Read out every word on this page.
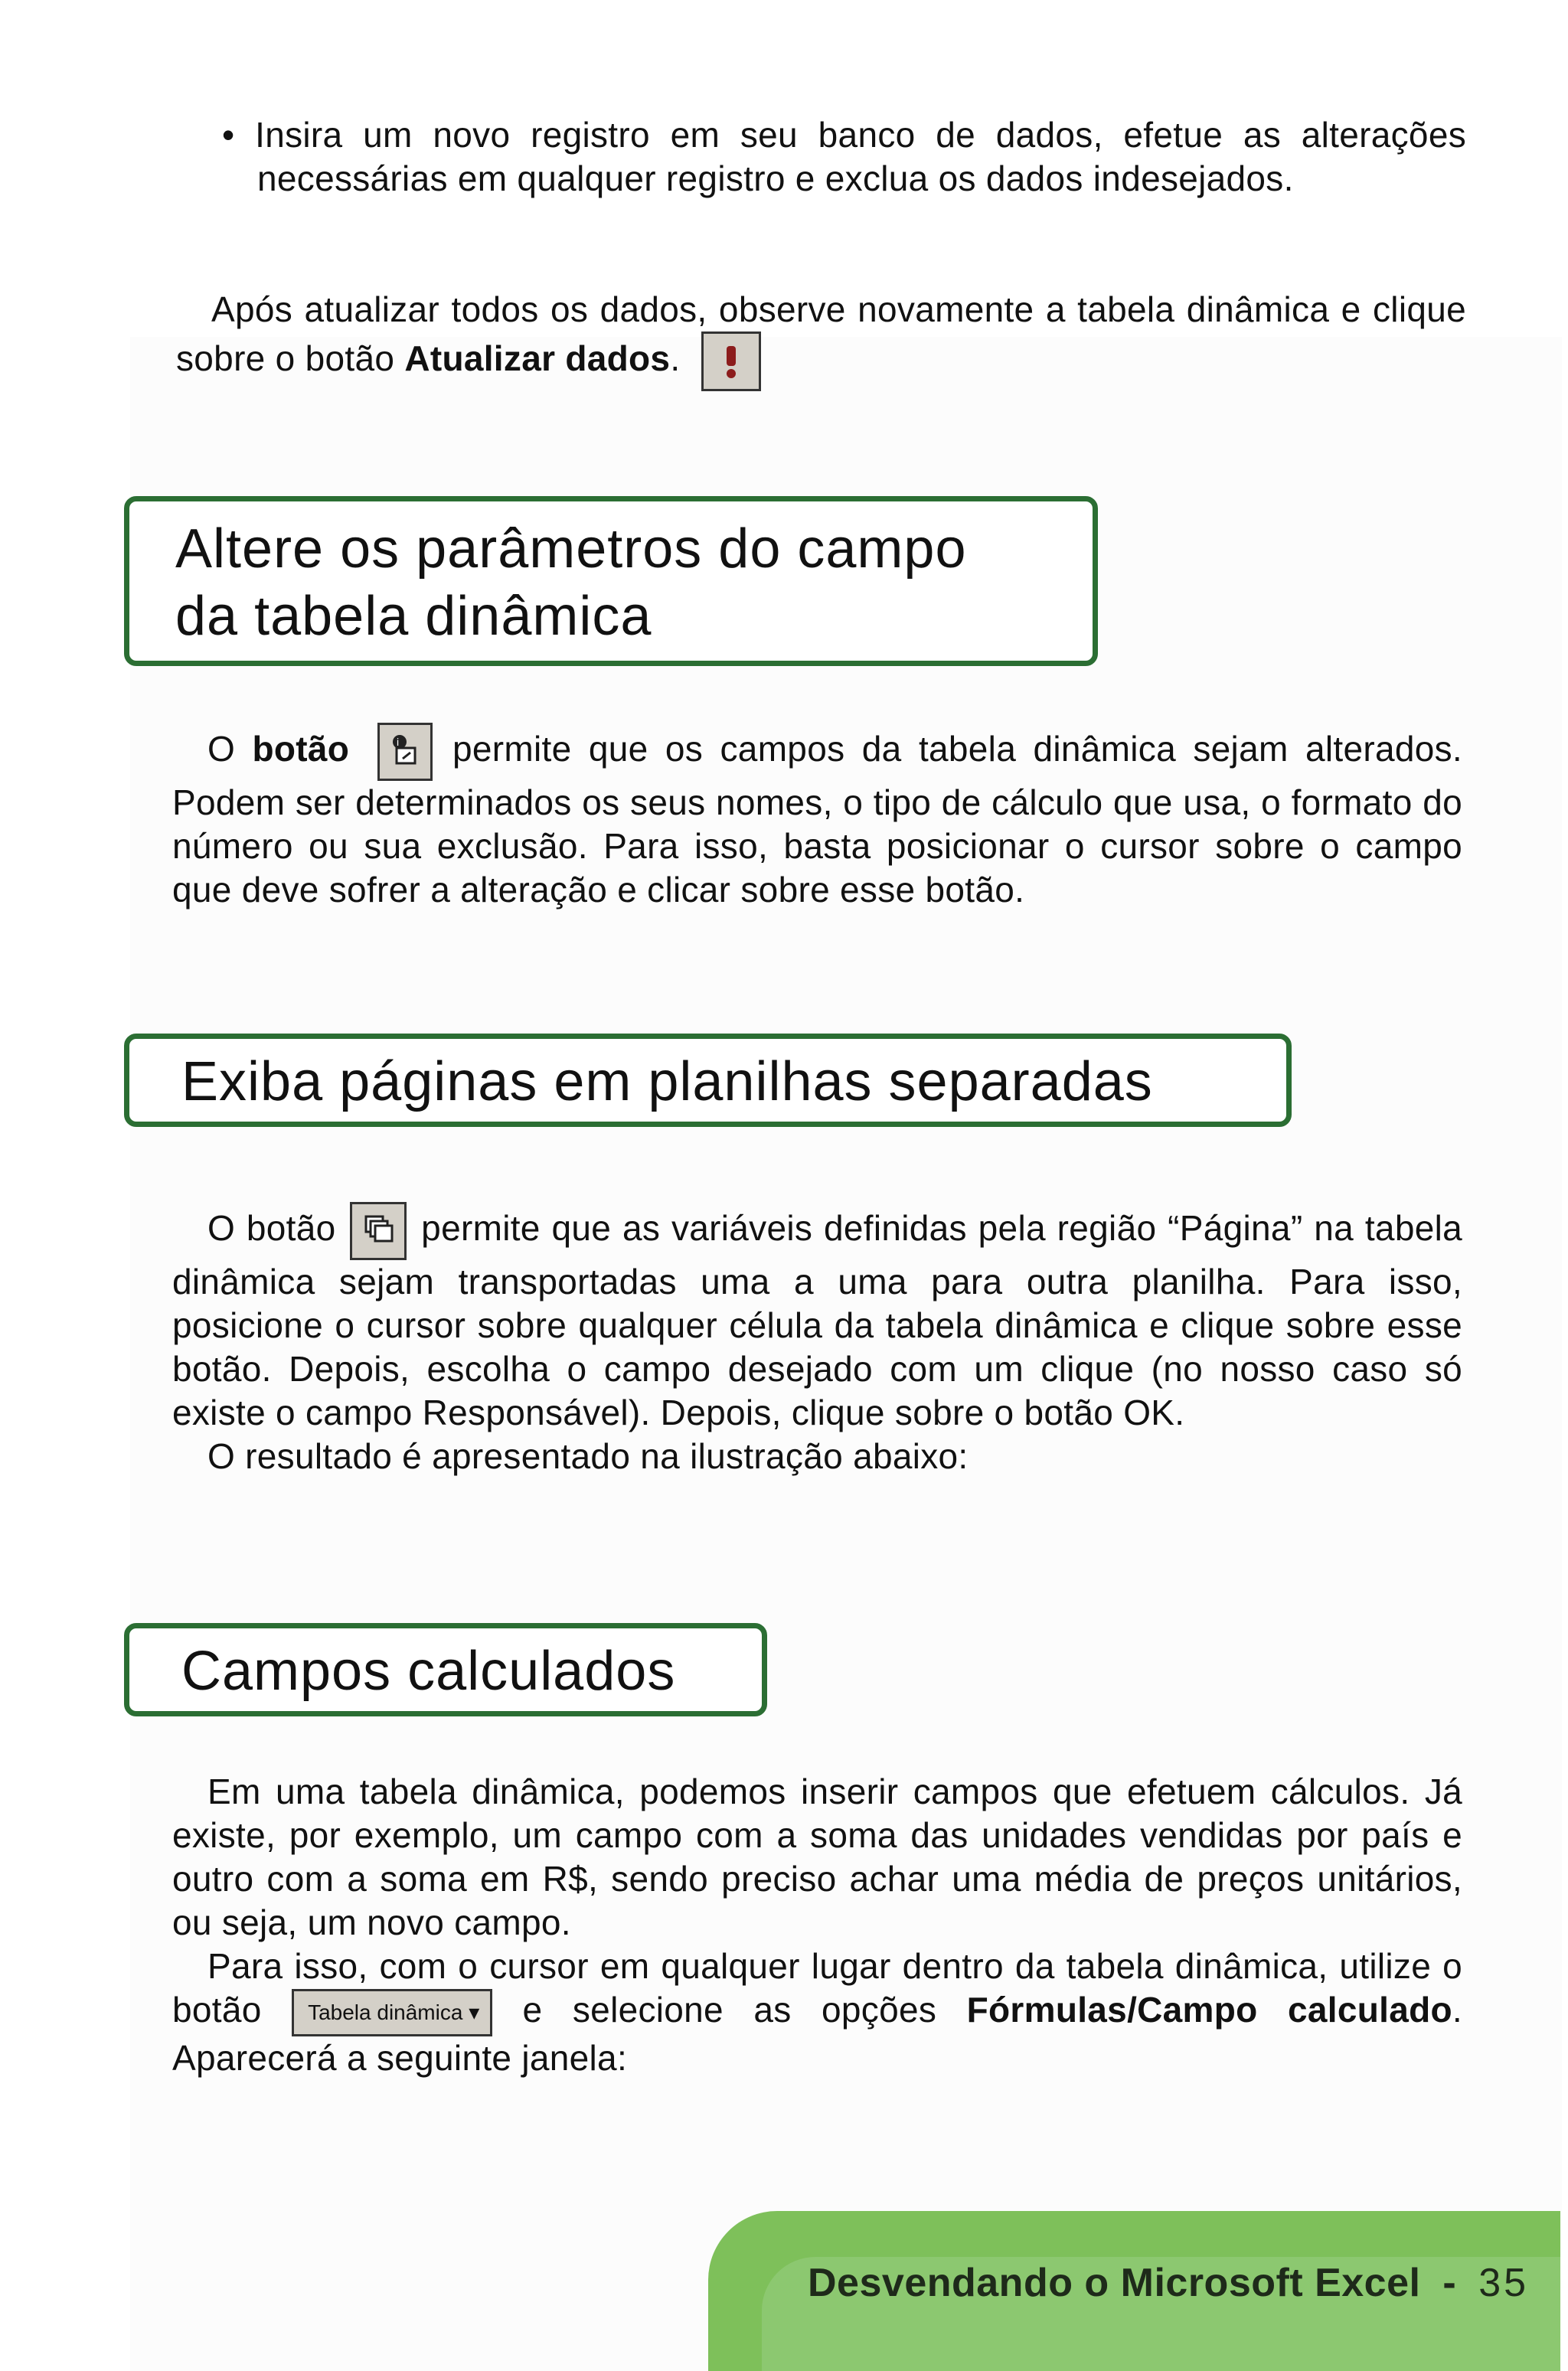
• Insira um novo registro em seu banco de dados, efetue as alterações necessárias em qualquer registro e exclua os dados indesejados.

Após atualizar todos os dados, observe novamente a tabela dinâmica e clique sobre o botão Atualizar dados.

Altere os parâmetros do campo
da tabela dinâmica

O botão	i permite que os campos da tabela dinâmica sejam alterados. Podem ser determinados os seus nomes, o tipo de cálculo que usa, o formato do número ou sua exclusão. Para isso, basta posicionar o cursor sobre o campo que deve sofrer a alteração e clicar sobre esse botão.

Exiba páginas em planilhas separadas

O botão
permite que as variáveis definidas pela região “Página” na tabela dinâmica sejam transportadas uma a uma para outra planilha. Para isso, posicione o cursor sobre qualquer célula da tabela dinâmica e clique sobre esse botão. Depois, escolha o campo desejado com um clique (no nosso caso só existe o campo Responsável). Depois, clique sobre o botão OK.

O resultado é apresentado na ilustração abaixo:

Campos calculados

Em uma tabela dinâmica, podemos inserir campos que efetuem cálculos. Já existe, por exemplo, um campo com a soma das unidades vendidas por país e outro com a soma em R$, sendo preciso achar uma média de preços unitários, ou seja, um novo campo.

Para isso, com o cursor em qualquer lugar dentro da tabela dinâmica, utilize o botão Tabela dinâmica ▾ e selecione as opções Fórmulas/Campo calculado. Aparecerá a seguinte janela:

Desvendando o Microsoft Excel - 35
